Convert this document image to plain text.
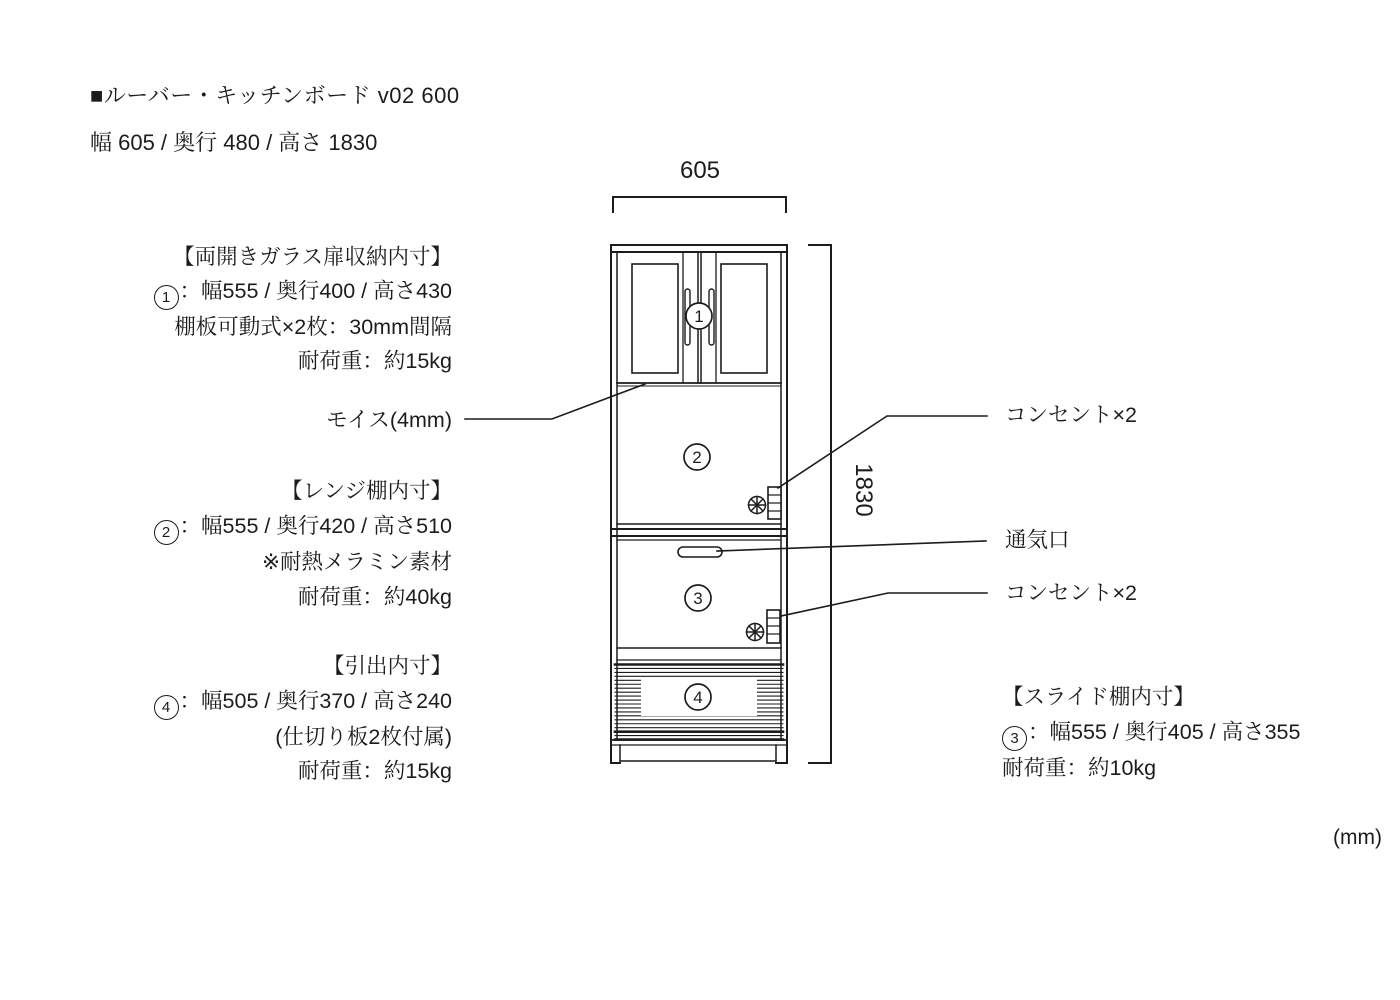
1
2
3
4
■ルーバー・キッチンボード v02 600
幅 605 / 奥行 480 / 高さ 1830
【両開きガラス扉収納内寸】
1 ：幅555 / 奥行400 / 高さ430
棚板可動式×2枚：30mm間隔
耐荷重：約15kg
モイス(4mm)
【レンジ棚内寸】
2 ：幅555 / 奥行420 / 高さ510
※耐熱メラミン素材
耐荷重：約40kg
【引出内寸】
4 ：幅505 / 奥行370 / 高さ240
(仕切り板2枚付属)
耐荷重：約15kg
コンセント×2
通気口
コンセント×2
【スライド棚内寸】
3 ：幅555 / 奥行405 / 高さ355
耐荷重：約10kg
605
1830
(mm)
